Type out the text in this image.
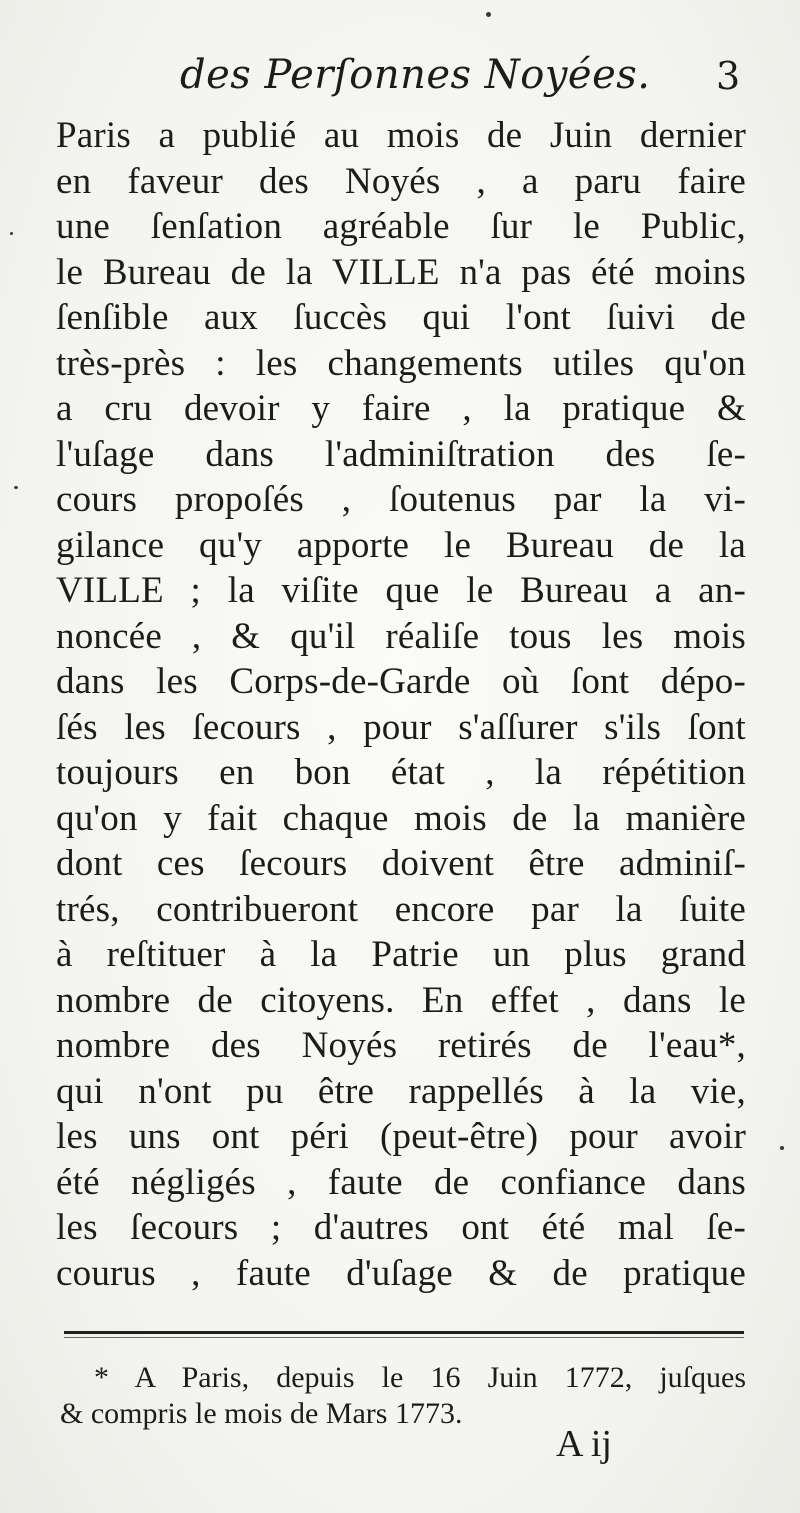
des Perſonnes Noyées. 3
Paris a publié au mois de Juin dernier
en faveur des Noyés , a paru faire
une ſenſation agréable ſur le Public,
le Bureau de la VILLE n'a pas été moins
ſenſible aux ſuccès qui l'ont ſuivi de
très-près : les changements utiles qu'on
a cru devoir y faire , la pratique &
l'uſage dans l'adminiſtration des ſe-
cours propoſés , ſoutenus par la vi-
gilance qu'y apporte le Bureau de la
VILLE ; la viſite que le Bureau a an-
noncée , & qu'il réaliſe tous les mois
dans les Corps-de-Garde où ſont dépo-
ſés les ſecours , pour s'aſſurer s'ils ſont
toujours en bon état , la répétition
qu'on y fait chaque mois de la manière
dont ces ſecours doivent être adminiſ-
trés, contribueront encore par la ſuite
à reſtituer à la Patrie un plus grand
nombre de citoyens. En effet , dans le
nombre des Noyés retirés de l'eau*,
qui n'ont pu être rappellés à la vie,
les uns ont péri (peut-être) pour avoir
été négligés , faute de confiance dans
les ſecours ; d'autres ont été mal ſe-
courus , faute d'uſage & de pratique
* A Paris, depuis le 16 Juin 1772, juſques
& compris le mois de Mars 1773.
A ij
